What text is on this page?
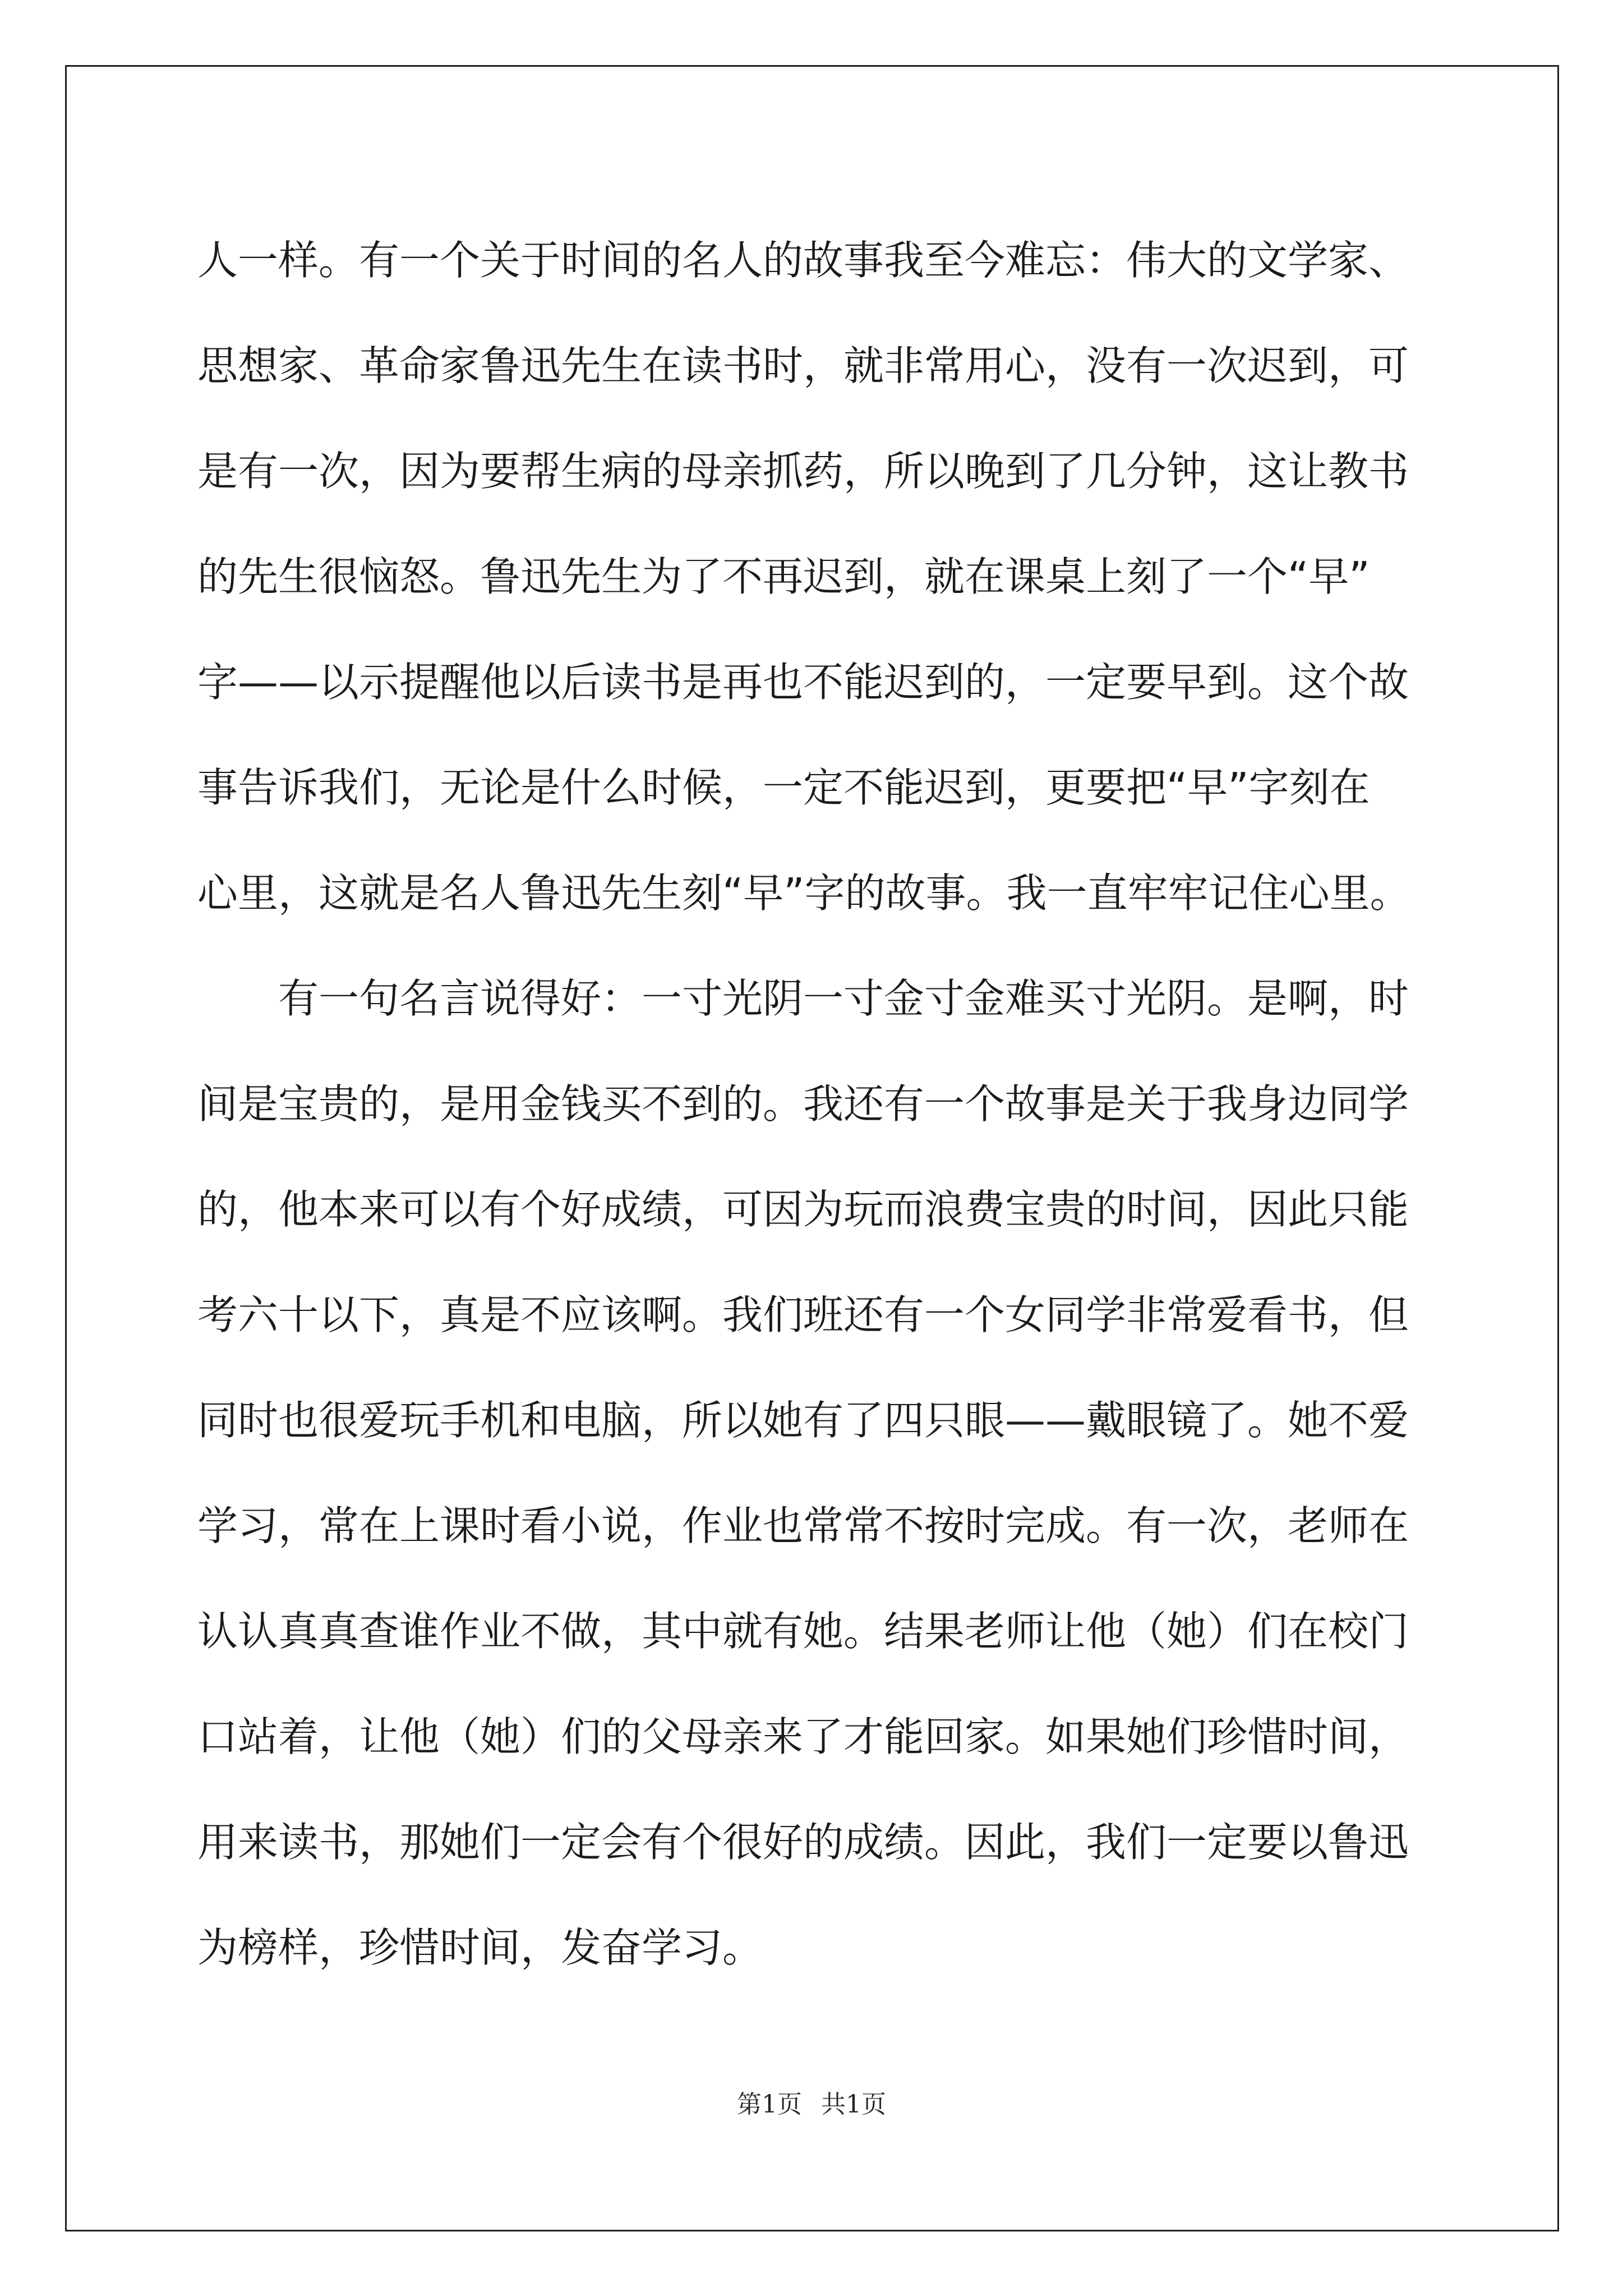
人一样。有一个关于时间的名人的故事我至今难忘：伟大的文学家、
思想家、革命家鲁迅先生在读书时，就非常用心，没有一次迟到，可
是有一次，因为要帮生病的母亲抓药，所以晚到了几分钟，这让教书
的先生很恼怒。鲁迅先生为了不再迟到，就在课桌上刻了一个“早”
字——以示提醒他以后读书是再也不能迟到的，一定要早到。这个故
事告诉我们，无论是什么时候，一定不能迟到，更要把“早”字刻在
心里，这就是名人鲁迅先生刻“早”字的故事。我一直牢牢记住心里。
有一句名言说得好：一寸光阴一寸金寸金难买寸光阴。是啊，时
间是宝贵的，是用金钱买不到的。我还有一个故事是关于我身边同学
的，他本来可以有个好成绩，可因为玩而浪费宝贵的时间，因此只能
考六十以下，真是不应该啊。我们班还有一个女同学非常爱看书，但
同时也很爱玩手机和电脑，所以她有了四只眼——戴眼镜了。她不爱
学习，常在上课时看小说，作业也常常不按时完成。有一次，老师在
认认真真查谁作业不做，其中就有她。结果老师让他（她）们在校门
口站着，让他（她）们的父母亲来了才能回家。如果她们珍惜时间，
用来读书，那她们一定会有个很好的成绩。因此，我们一定要以鲁迅
为榜样，珍惜时间，发奋学习。
第1页 共1页
